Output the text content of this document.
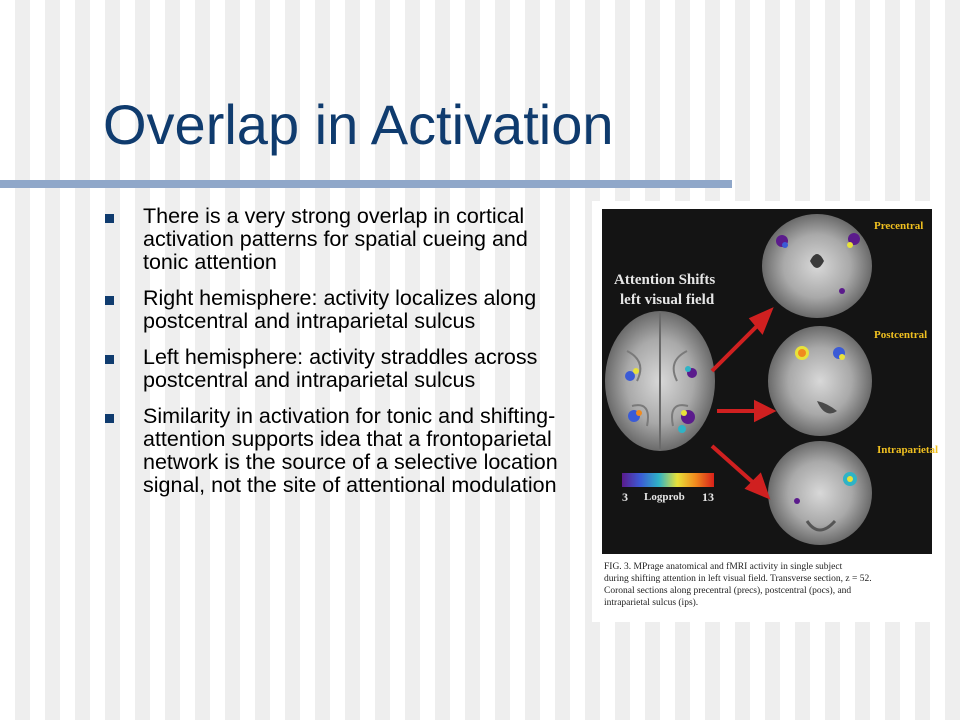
Overlap in Activation
There is a very strong overlap in cortical activation patterns for spatial cueing and tonic attention
Right hemisphere: activity localizes along postcentral and intraparietal sulcus
Left hemisphere: activity straddles across postcentral and intraparietal sulcus
Similarity in activation for tonic and shifting-attention supports idea that a frontoparietal network is the source of a selective location signal, not the site of attentional modulation
Attention Shifts
left visual field
Precentral
Postcentral
Intraparietal
3 Logprob 13
FIG. 3. MPrage anatomical and fMRI activity in single subject
during shifting attention in left visual field. Transverse section, z = 52.
Coronal sections along precentral (precs), postcentral (pocs), and
intraparietal sulcus (ips).
